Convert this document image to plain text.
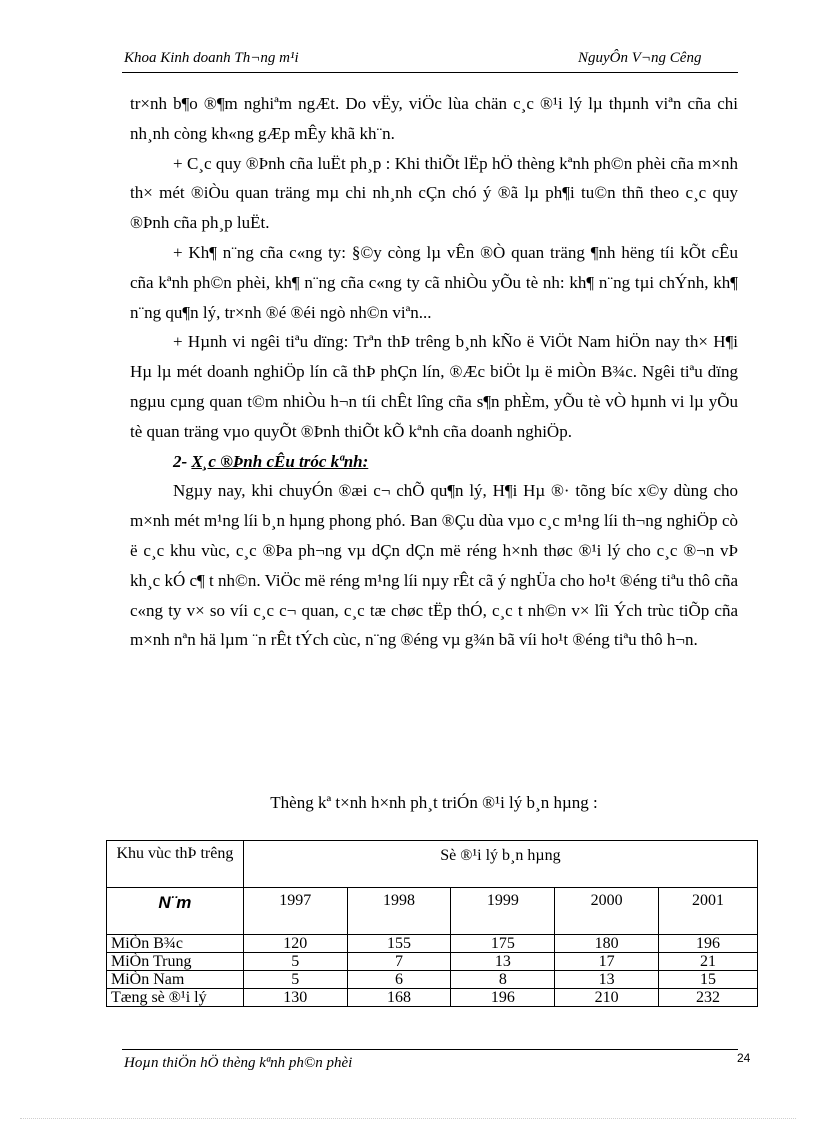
Khoa Kinh doanh Th¬ng m¹i	NguyÔn V¬ng Cêng

tr×nh b¶o ®¶m nghiªm ngÆt. Do vËy, viÖc lùa chän c¸c ®¹i lý lµ thµnh viªn cña chi nh¸nh còng kh«ng gÆp mÊy khã kh¨n.

+ C¸c quy ®Þnh cña luËt ph¸p : Khi thiÕt lËp hÖ thèng kªnh ph©n phèi cña m×nh th× mét ®iÒu quan träng mµ chi nh¸nh cÇn chó ý ®ã lµ ph¶i tu©n thñ theo c¸c quy ®Þnh cña ph¸p luËt.

+ Kh¶ n¨ng cña c«ng ty: §©y còng lµ vÊn ®Ò quan träng ¶nh hëng tíi kÕt cÊu cña kªnh ph©n phèi, kh¶ n¨ng cña c«ng ty cã nhiÒu yÕu tè nh: kh¶ n¨ng tµi chÝnh, kh¶ n¨ng qu¶n lý, tr×nh ®é ®éi ngò nh©n viªn...

+ Hµnh vi ngêi tiªu dïng: Trªn thÞ trêng b¸nh kÑo ë ViÖt Nam hiÖn nay th× H¶i Hµ lµ mét doanh nghiÖp lín cã thÞ phÇn lín, ®Æc biÖt lµ ë miÒn B¾c. Ngêi tiªu dïng ngµu cµng quan t©m nhiÒu h¬n tíi chÊt lîng cña s¶n phÈm, yÕu tè vÒ hµnh vi lµ yÕu tè quan träng vµo quyÕt ®Þnh thiÕt kÕ kªnh cña doanh nghiÖp.

2- X¸c ®Þnh cÊu tróc kªnh:

Ngµy nay, khi chuyÓn ®æi c¬ chÕ qu¶n lý, H¶i Hµ ®· tõng bíc x©y dùng cho m×nh mét m¹ng líi b¸n hµng phong phó. Ban ®Çu dùa vµo c¸c m¹ng líi th¬ng nghiÖp cò ë c¸c khu vùc, c¸c ®Þa ph¬ng vµ dÇn dÇn më réng h×nh thøc ®¹i lý cho c¸c ®¬n vÞ kh¸c kÓ c¶ t nh©n. ViÖc më réng m¹ng líi nµy rÊt cã ý nghÜa cho ho¹t ®éng tiªu thô cña c«ng ty v× so víi c¸c c¬ quan, c¸c tæ chøc tËp thÓ, c¸c t nh©n v× lîi Ých trùc tiÕp cña m×nh nªn hä lµm ¨n rÊt tÝch cùc, n¨ng ®éng vµ g¾n bã víi ho¹t ®éng tiªu thô h¬n.

Thèng kª t×nh h×nh ph¸t triÓn ®¹i lý b¸n hµng :
Khu vùc thÞ trêng	Sè ®¹i lý b¸n hµng				

N¨m	1997	1998	1999	2000	2001
MiÒn B¾c	120	155	175	180	196
MiÒn Trung	5	7	13	17	21
MiÒn Nam	5	6	8	13	15
Tæng sè ®¹i lý	130	168	196	210	232
Hoµn thiÖn hÖ thèng kªnh ph©n phèi	24
